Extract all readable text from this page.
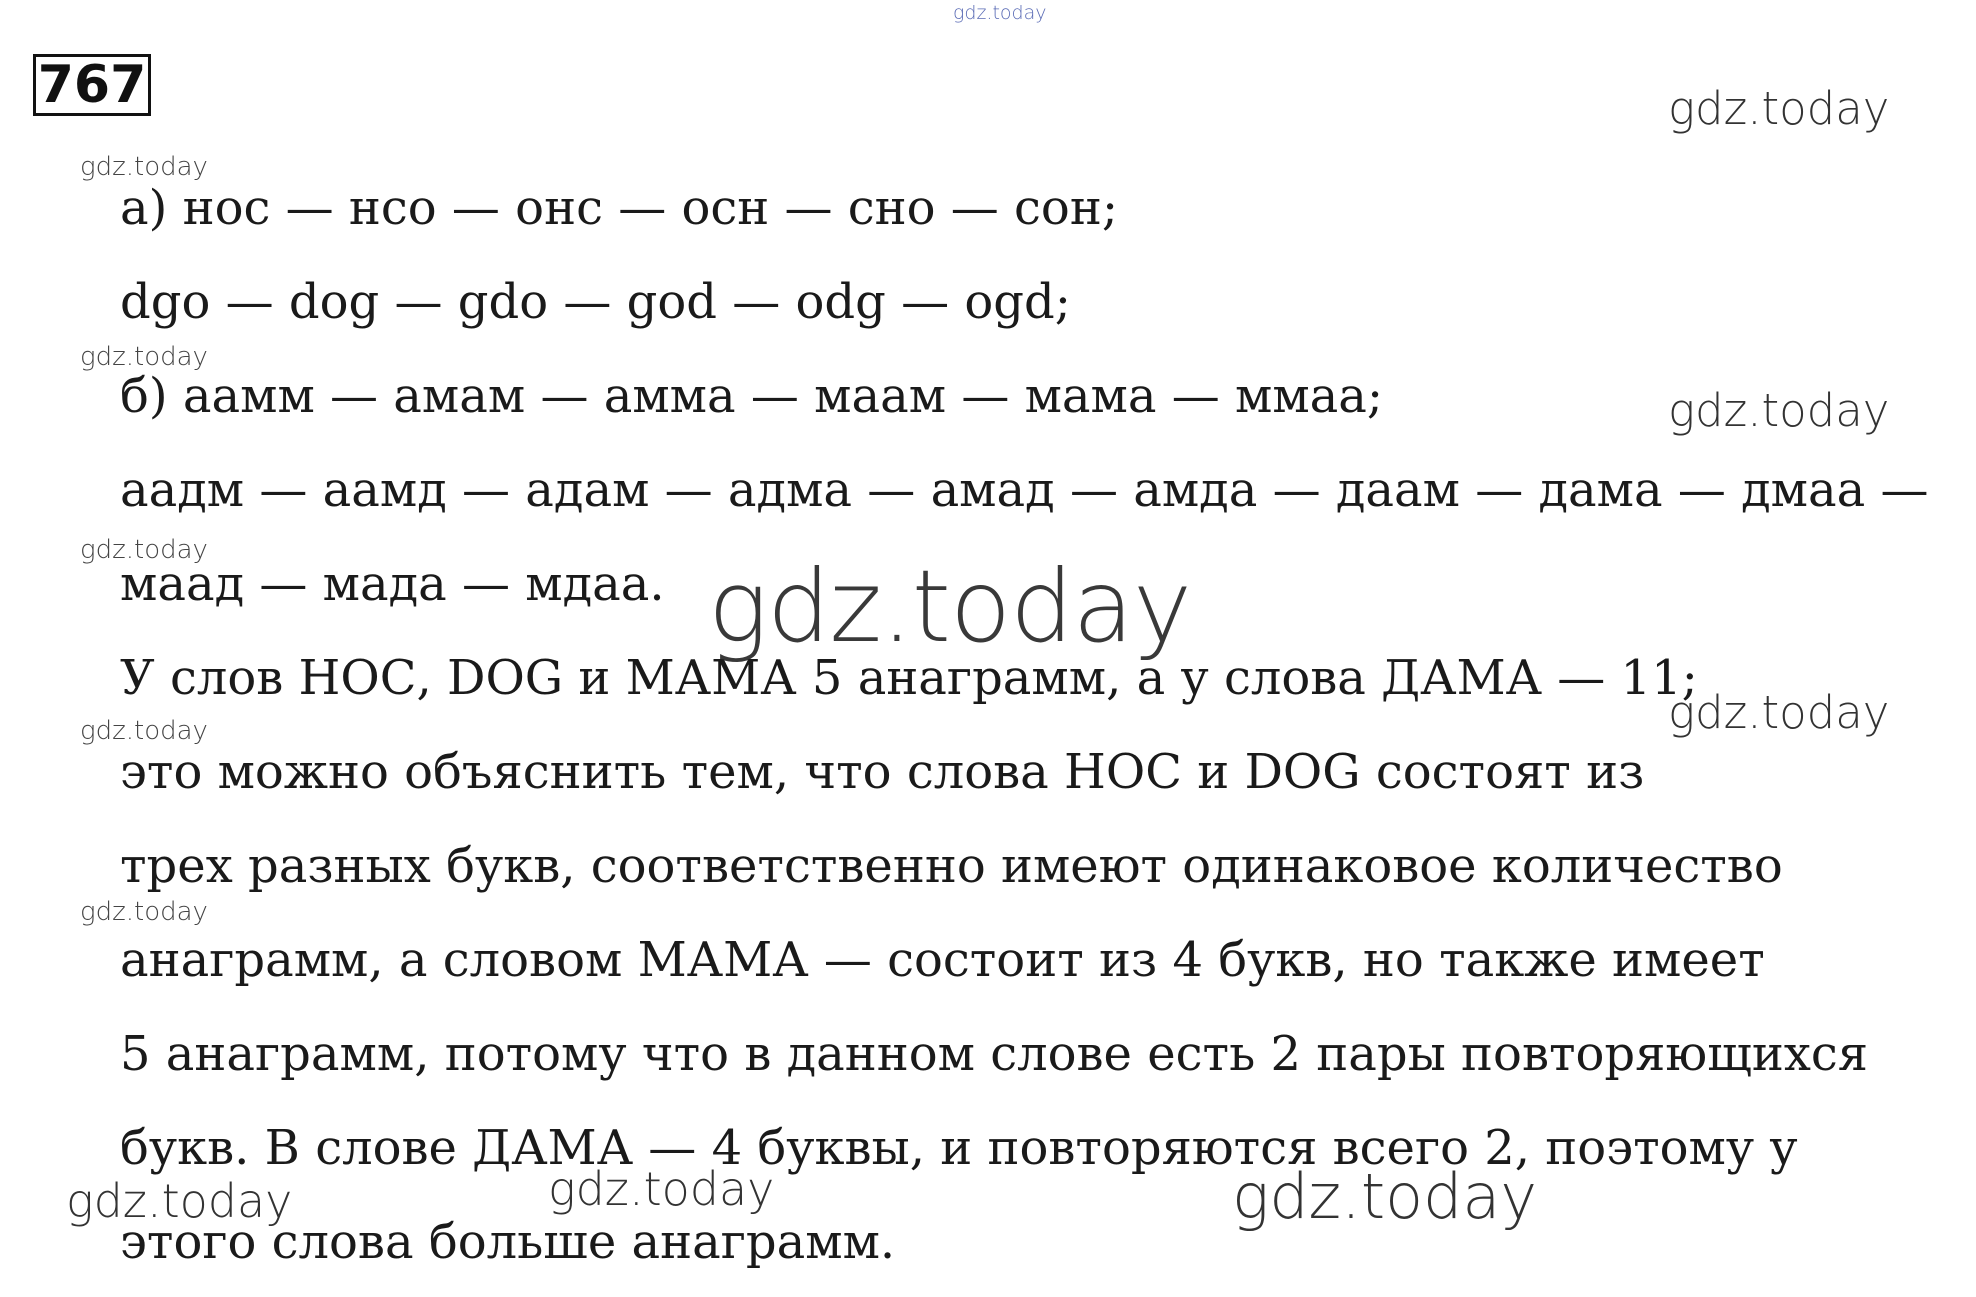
gdz.today
767	gdz.today
gdz.today
gdz.today
gdz.today
gdz.today
gdz.today
gdz.today
gdz.today
а) нос — нсо — онс — осн — сно — сон;
dgo — dog — gdo — god — odg — ogd;
б) аамм — амам — амма — маам — мама — ммаа;
аадм — аамд — адам — адма — амад — амда — даам — дама — дмаа —
маад — мада — мдаа.
У слов НОС, DOG и МАМА 5 анаграмм, а у слова ДАМА — 11;
это можно объяснить тем, что слова НОС и DOG состоят из
трех разных букв, соответственно имеют одинаковое количество
анаграмм, а словом МАМА — состоит из 4 букв, но также имеет
5 анаграмм, потому что в данном слове есть 2 пары повторяющихся
букв. В слове ДАМА — 4 буквы, и повторяются всего 2, поэтому у
этого слова больше анаграмм.
gdz.today
gdz.today	gdz.today	gdz.today
